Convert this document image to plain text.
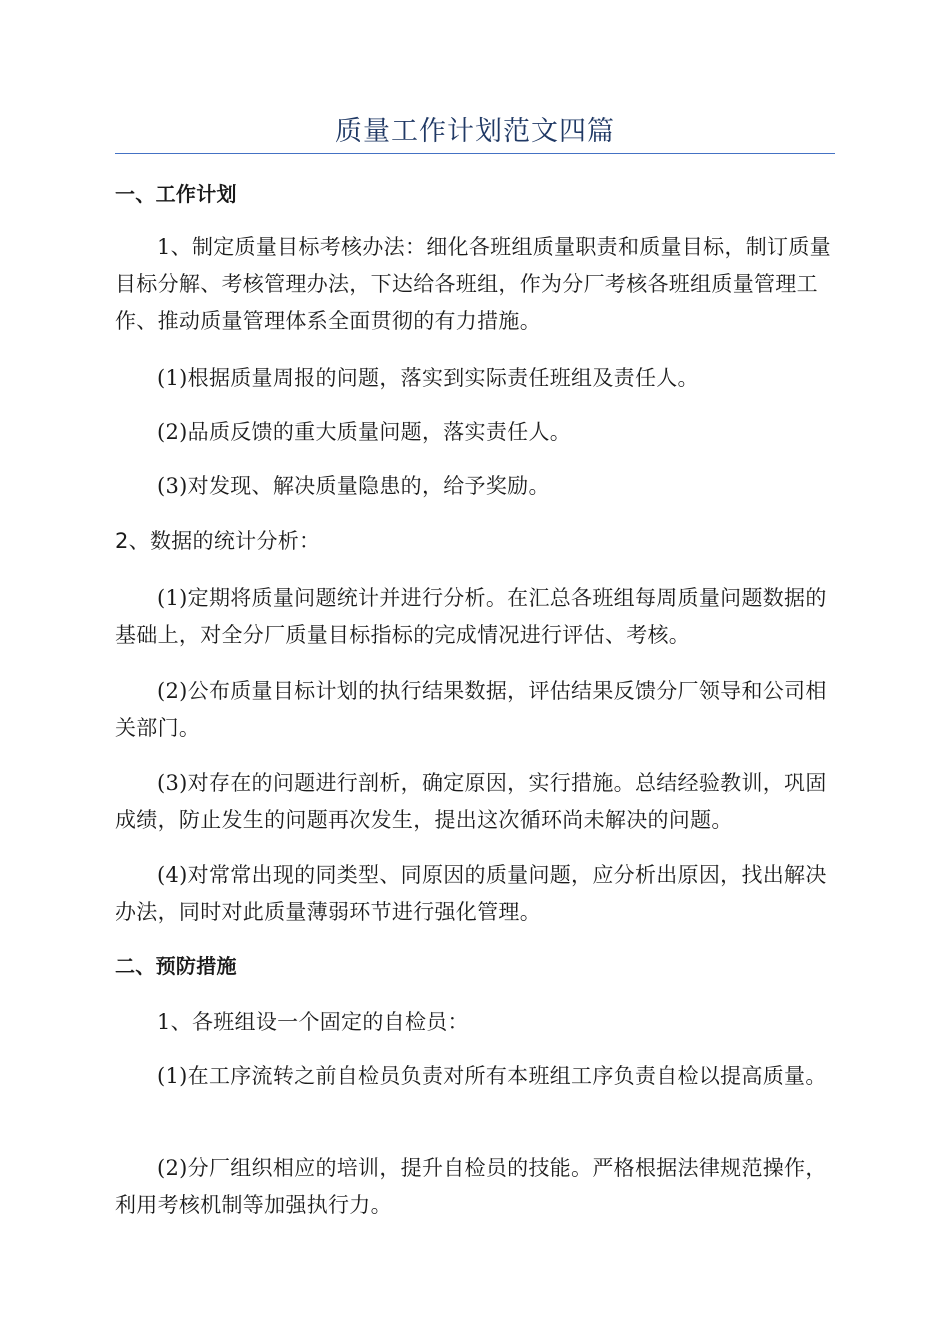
质量工作计划范文四篇

一、工作计划

1、制定质量目标考核办法：细化各班组质量职责和质量目标，制订质量目标分解、考核管理办法，下达给各班组，作为分厂考核各班组质量管理工作、推动质量管理体系全面贯彻的有力措施。

(1)根据质量周报的问题，落实到实际责任班组及责任人。

(2)品质反馈的重大质量问题，落实责任人。

(3)对发现、解决质量隐患的，给予奖励。

2、数据的统计分析：

(1)定期将质量问题统计并进行分析。在汇总各班组每周质量问题数据的基础上，对全分厂质量目标指标的完成情况进行评估、考核。

(2)公布质量目标计划的执行结果数据，评估结果反馈分厂领导和公司相关部门。

(3)对存在的问题进行剖析，确定原因，实行措施。总结经验教训，巩固成绩，防止发生的问题再次发生，提出这次循环尚未解决的问题。

(4)对常常出现的同类型、同原因的质量问题，应分析出原因，找出解决办法，同时对此质量薄弱环节进行强化管理。

二、预防措施

1、各班组设一个固定的自检员：

(1)在工序流转之前自检员负责对所有本班组工序负责自检以提高质量。

(2)分厂组织相应的培训，提升自检员的技能。严格根据法律规范操作，利用考核机制等加强执行力。
